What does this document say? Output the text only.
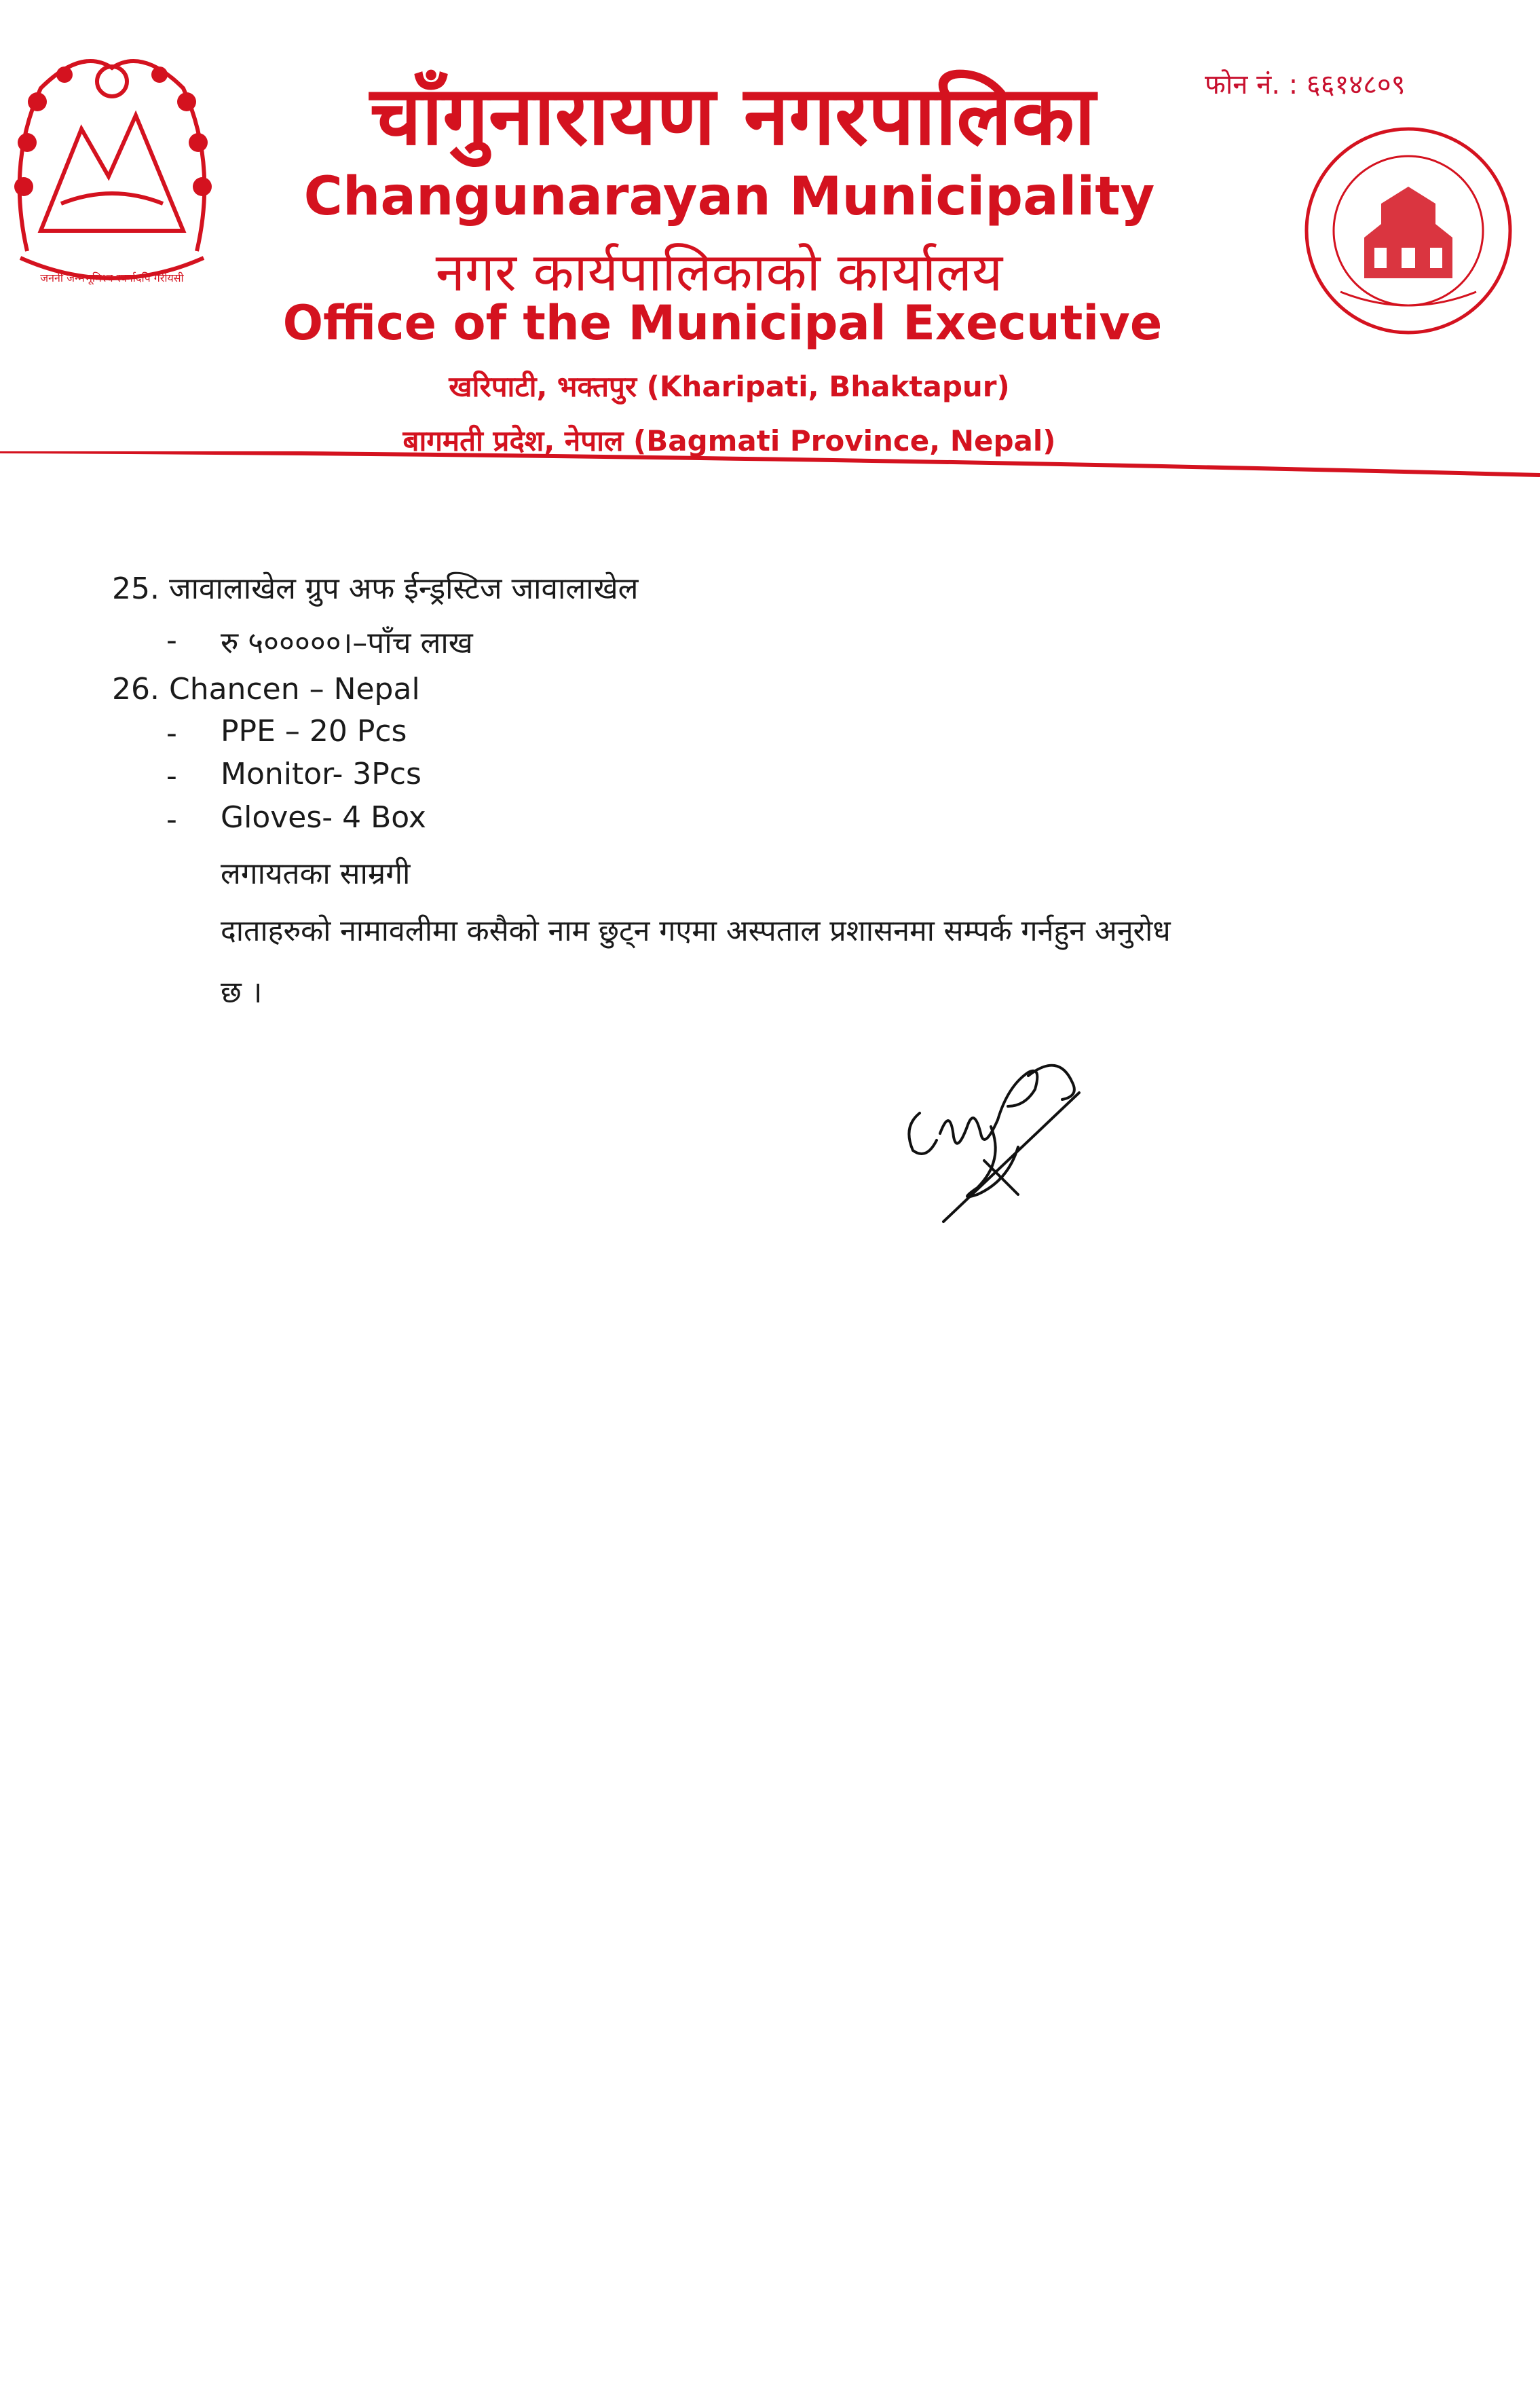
जननी जन्मभूमिश्च स्वर्गादपि गरीयसी
फोन नं. : ६६१४८०९
चाँगुनारायण नगरपालिका
Changunarayan Municipality
नगर कार्यपालिकाको कार्यालय
Office of the Municipal Executive
खरिपाटी, भक्तपुर (Kharipati, Bhaktapur)
बागमती प्रदेश, नेपाल (Bagmati Province, Nepal)
25. जावालाखेल ग्रुप अफ ईन्ड्रस्टिज जावालाखेल
- रु ५०००००।–पाँच लाख
26. Chancen – Nepal
- PPE – 20 Pcs
- Monitor- 3Pcs
- Gloves- 4 Box
लगायतका साम्रगी
दाताहरुको नामावलीमा कसैको नाम छुट्न गएमा अस्पताल प्रशासनमा सम्पर्क गर्नहुन अनुरोध
छ ।
